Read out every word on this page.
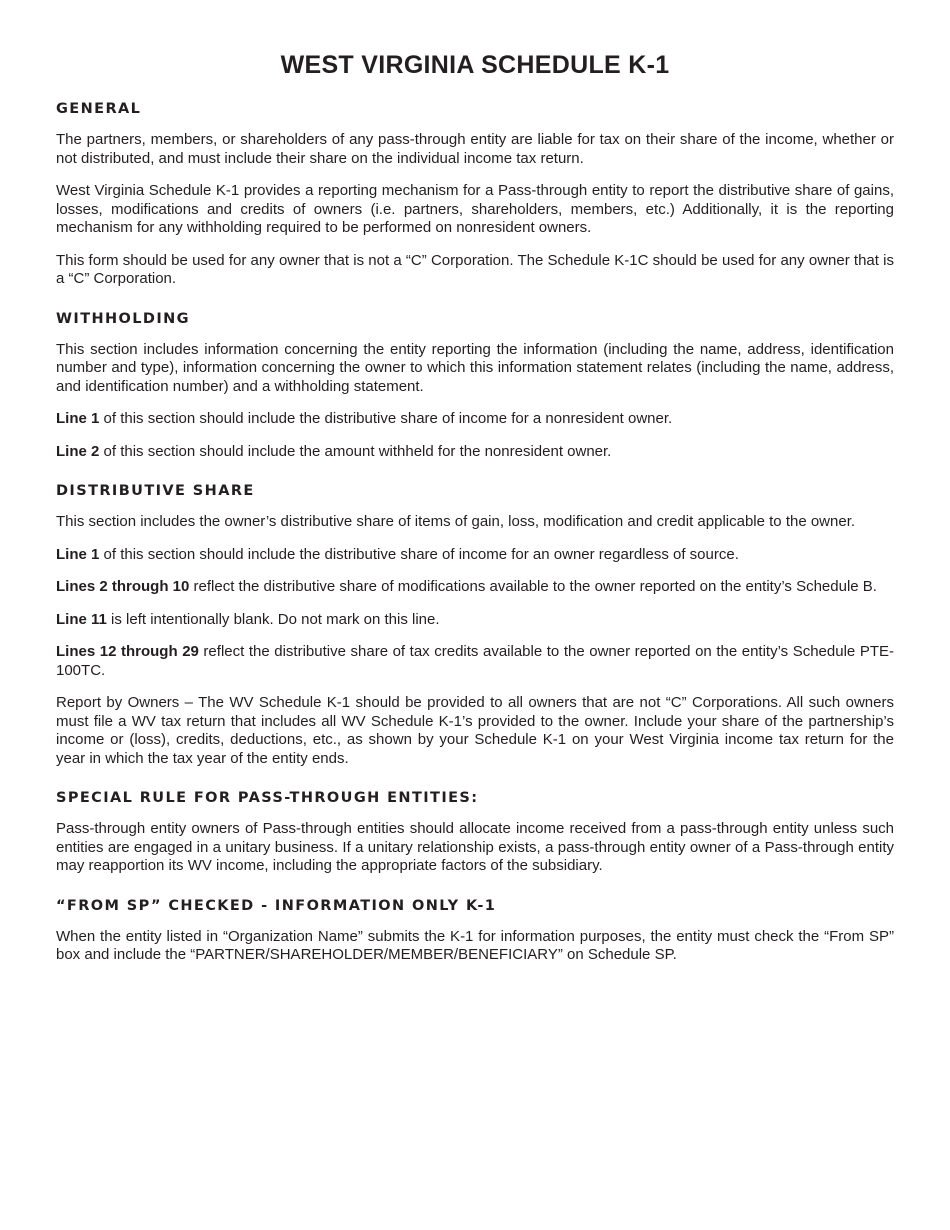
WEST VIRGINIA SCHEDULE K-1
GENERAL

The partners, members, or shareholders of any pass-through entity are liable for tax on their share of the income, whether or not distributed, and must include their share on the individual income tax return.

West Virginia Schedule K-1 provides a reporting mechanism for a Pass-through entity to report the distributive share of gains, losses, modifications and credits of owners (i.e. partners, shareholders, members, etc.) Additionally, it is the reporting mechanism for any withholding required to be performed on nonresident owners.

This form should be used for any owner that is not a “C” Corporation. The Schedule K-1C should be used for any owner that is a “C” Corporation.

WITHHOLDING

This section includes information concerning the entity reporting the information (including the name, address, identification number and type), information concerning the owner to which this information statement relates (including the name, address, and identification number) and a withholding statement.

Line 1 of this section should include the distributive share of income for a nonresident owner.

Line 2 of this section should include the amount withheld for the nonresident owner.

DISTRIBUTIVE SHARE

This section includes the owner’s distributive share of items of gain, loss, modification and credit applicable to the owner.

Line 1 of this section should include the distributive share of income for an owner regardless of source.

Lines 2 through 10 reflect the distributive share of modifications available to the owner reported on the entity’s Schedule B.

Line 11 is left intentionally blank. Do not mark on this line.

Lines 12 through 29 reflect the distributive share of tax credits available to the owner reported on the entity’s Schedule PTE-100TC.

Report by Owners – The WV Schedule K-1 should be provided to all owners that are not “C” Corporations. All such owners must file a WV tax return that includes all WV Schedule K-1’s provided to the owner. Include your share of the partnership’s income or (loss), credits, deductions, etc., as shown by your Schedule K-1 on your West Virginia income tax return for the year in which the tax year of the entity ends.

SPECIAL RULE FOR PASS-THROUGH ENTITIES:

Pass-through entity owners of Pass-through entities should allocate income received from a pass-through entity unless such entities are engaged in a unitary business. If a unitary relationship exists, a pass-through entity owner of a Pass-through entity may reapportion its WV income, including the appropriate factors of the subsidiary.

“FROM SP” CHECKED - INFORMATION ONLY K-1

When the entity listed in “Organization Name” submits the K-1 for information purposes, the entity must check the “From SP” box and include the “PARTNER/SHAREHOLDER/MEMBER/BENEFICIARY” on Schedule SP.
